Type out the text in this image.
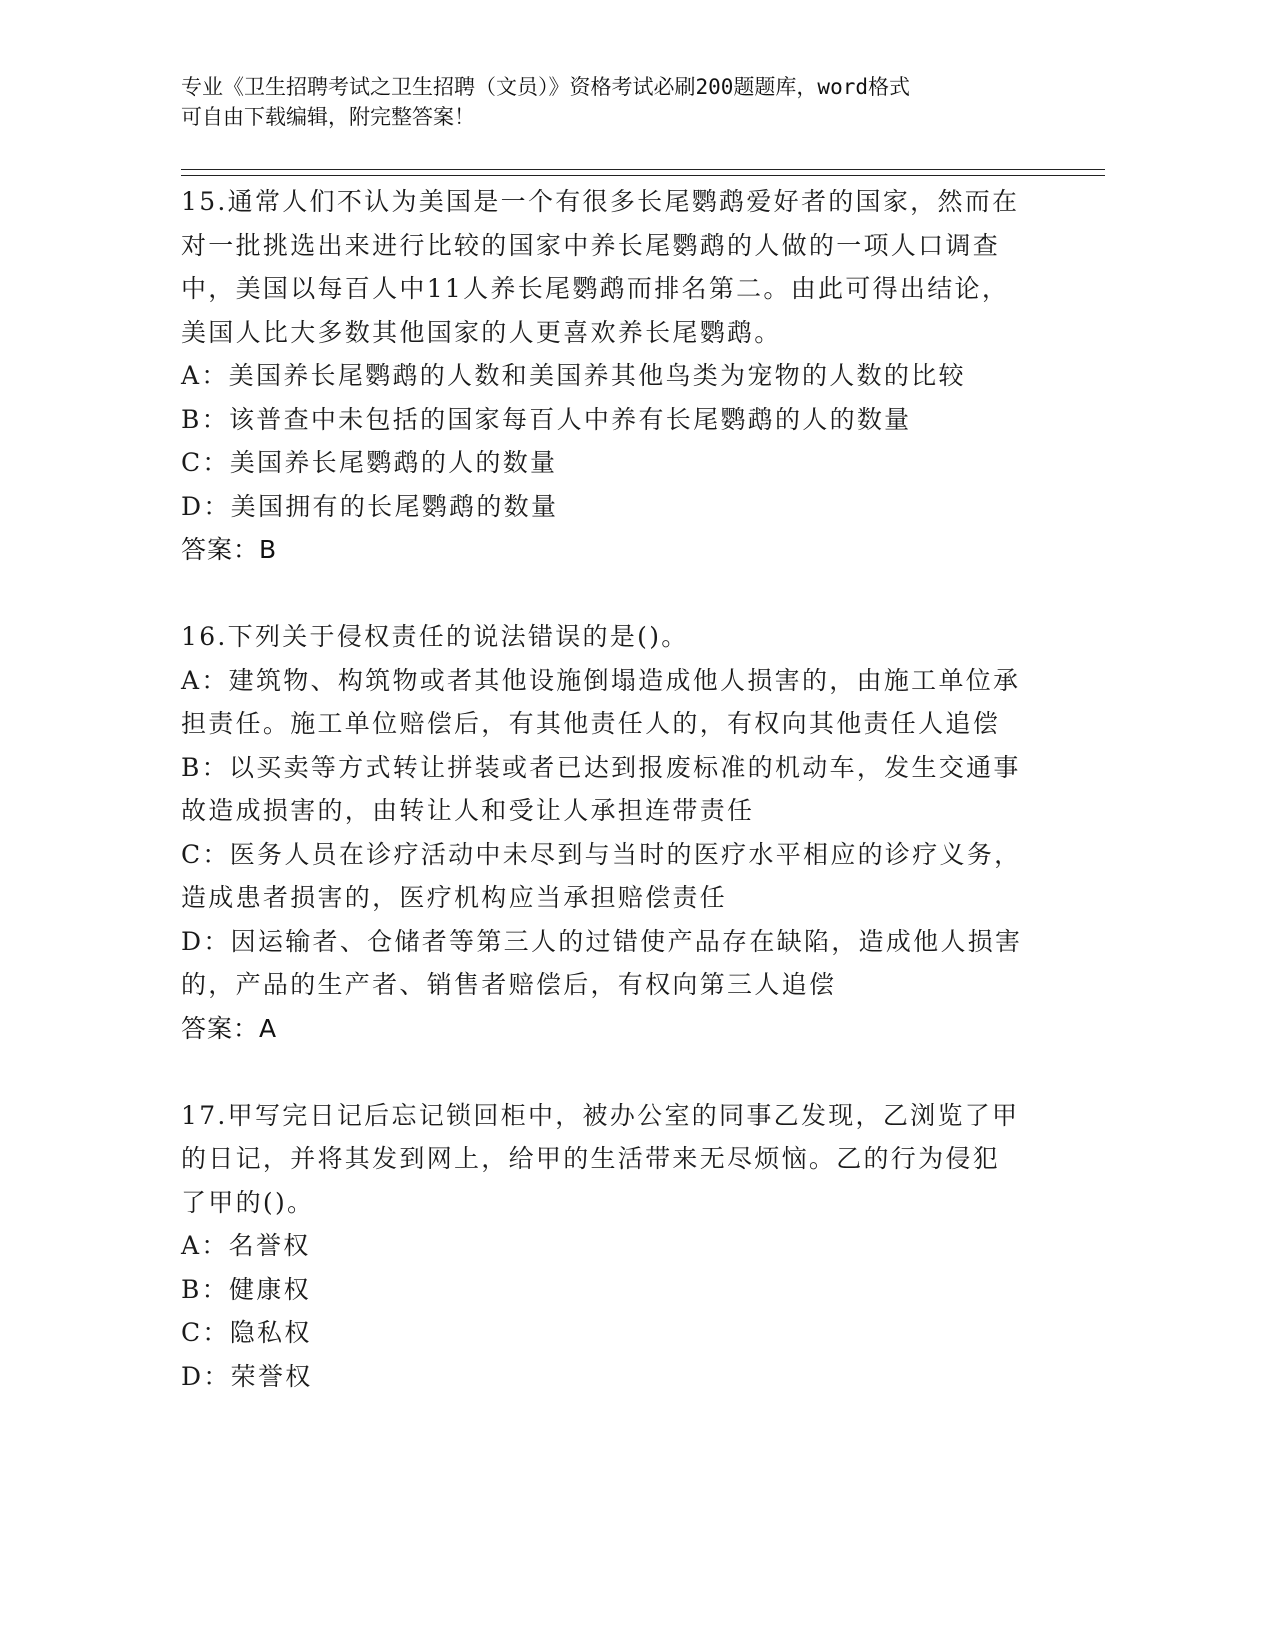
专业《卫生招聘考试之卫生招聘（文员）》资格考试必刷200题题库，word格式
可自由下载编辑，附完整答案！
15.通常人们不认为美国是一个有很多长尾鹦鹉爱好者的国家，然而在
对一批挑选出来进行比较的国家中养长尾鹦鹉的人做的一项人口调查
中，美国以每百人中11人养长尾鹦鹉而排名第二。由此可得出结论，
美国人比大多数其他国家的人更喜欢养长尾鹦鹉。
A：美国养长尾鹦鹉的人数和美国养其他鸟类为宠物的人数的比较
B：该普查中未包括的国家每百人中养有长尾鹦鹉的人的数量
C：美国养长尾鹦鹉的人的数量
D：美国拥有的长尾鹦鹉的数量
答案：B
16.下列关于侵权责任的说法错误的是()。
A：建筑物、构筑物或者其他设施倒塌造成他人损害的，由施工单位承
担责任。施工单位赔偿后，有其他责任人的，有权向其他责任人追偿
B：以买卖等方式转让拼装或者已达到报废标准的机动车，发生交通事
故造成损害的，由转让人和受让人承担连带责任
C：医务人员在诊疗活动中未尽到与当时的医疗水平相应的诊疗义务，
造成患者损害的，医疗机构应当承担赔偿责任
D：因运输者、仓储者等第三人的过错使产品存在缺陷，造成他人损害
的，产品的生产者、销售者赔偿后，有权向第三人追偿
答案：A
17.甲写完日记后忘记锁回柜中，被办公室的同事乙发现，乙浏览了甲
的日记，并将其发到网上，给甲的生活带来无尽烦恼。乙的行为侵犯
了甲的()。
A：名誉权
B：健康权
C：隐私权
D：荣誉权
